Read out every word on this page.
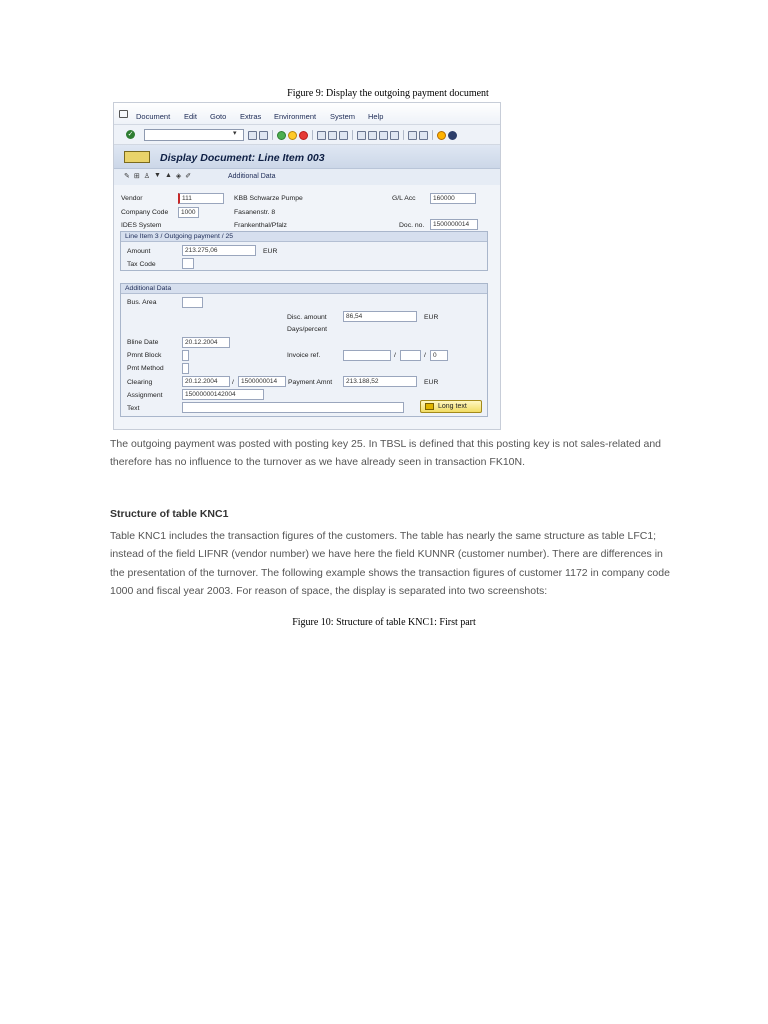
Figure 9: Display the outgoing payment document
Document Edit Goto Extras Environment System Help
✓	▾
Display Document: Line Item 003
✎ ⊞ ♙ ▼ ▲ ◈ ✐	Additional Data
Vendor	111	KBB Schwarze Pumpe	G/L Acc	160000
Company Code	1000	Fasanenstr. 8
IDES System	Frankenthal/Pfalz	Doc. no.	1500000014
Line Item 3 / Outgoing payment / 25
Amount	213.275,06	EUR
Tax Code
Additional Data
Bus. Area
Disc. amount	86,54	EUR
Days/percent
Bline Date	20.12.2004
Pmnt Block	Invoice ref.	/	/	0
Pmt Method
Clearing	20.12.2004	/	1500000014	Payment Amnt	213.188,52	EUR
Assignment	15000000142004
Text	Long text

The outgoing payment was posted with posting key 25. In TBSL is defined that this posting key is not sales-related and therefore has no influence to the turnover as we have already seen in transaction FK10N.

Structure of table KNC1

Table KNC1 includes the transaction figures of the customers. The table has nearly the same structure as table LFC1; instead of the field LIFNR (vendor number) we have here the field KUNNR (customer number). There are differences in the presentation of the turnover. The following example shows the transaction figures of customer 1172 in company code 1000 and fiscal year 2003. For reason of space, the display is separated into two screenshots:

Figure 10: Structure of table KNC1: First part
